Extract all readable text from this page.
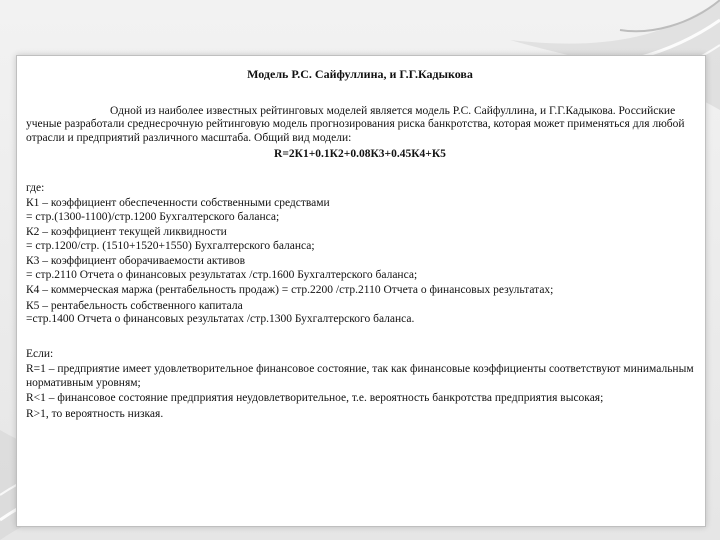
Модель Р.С. Сайфуллина, и Г.Г.Кадыкова

Одной из наиболее известных рейтинговых моделей является модель Р.С. Сайфуллина, и Г.Г.Кадыкова. Российские ученые разработали среднесрочную рейтинговую модель прогнозирования риска банкротства, которая может применяться для любой отрасли и предприятий различного масштаба. Общий вид модели:

R=2К1+0.1К2+0.08К3+0.45К4+К5

где:

К1 – коэффициент обеспеченности собственными средствами

= стр.(1300-1100)/стр.1200 Бухгалтерского баланса;

К2 – коэффициент текущей ликвидности

= стр.1200/стр. (1510+1520+1550) Бухгалтерского баланса;

К3 – коэффициент оборачиваемости активов

= стр.2110 Отчета о финансовых результатах /стр.1600 Бухгалтерского баланса;

К4 – коммерческая маржа (рентабельность продаж) = стр.2200 /стр.2110 Отчета о финансовых результатах;

К5 – рентабельность собственного капитала

=стр.1400 Отчета о финансовых результатах /стр.1300 Бухгалтерского баланса.

Если:

R=1 – предприятие имеет удовлетворительное финансовое состояние, так как финансовые коэффициенты соответствуют минимальным нормативным уровням;

R<1 – финансовое состояние предприятия неудовлетворительное, т.е. вероятность банкротства предприятия высокая;

R>1, то вероятность низкая.
